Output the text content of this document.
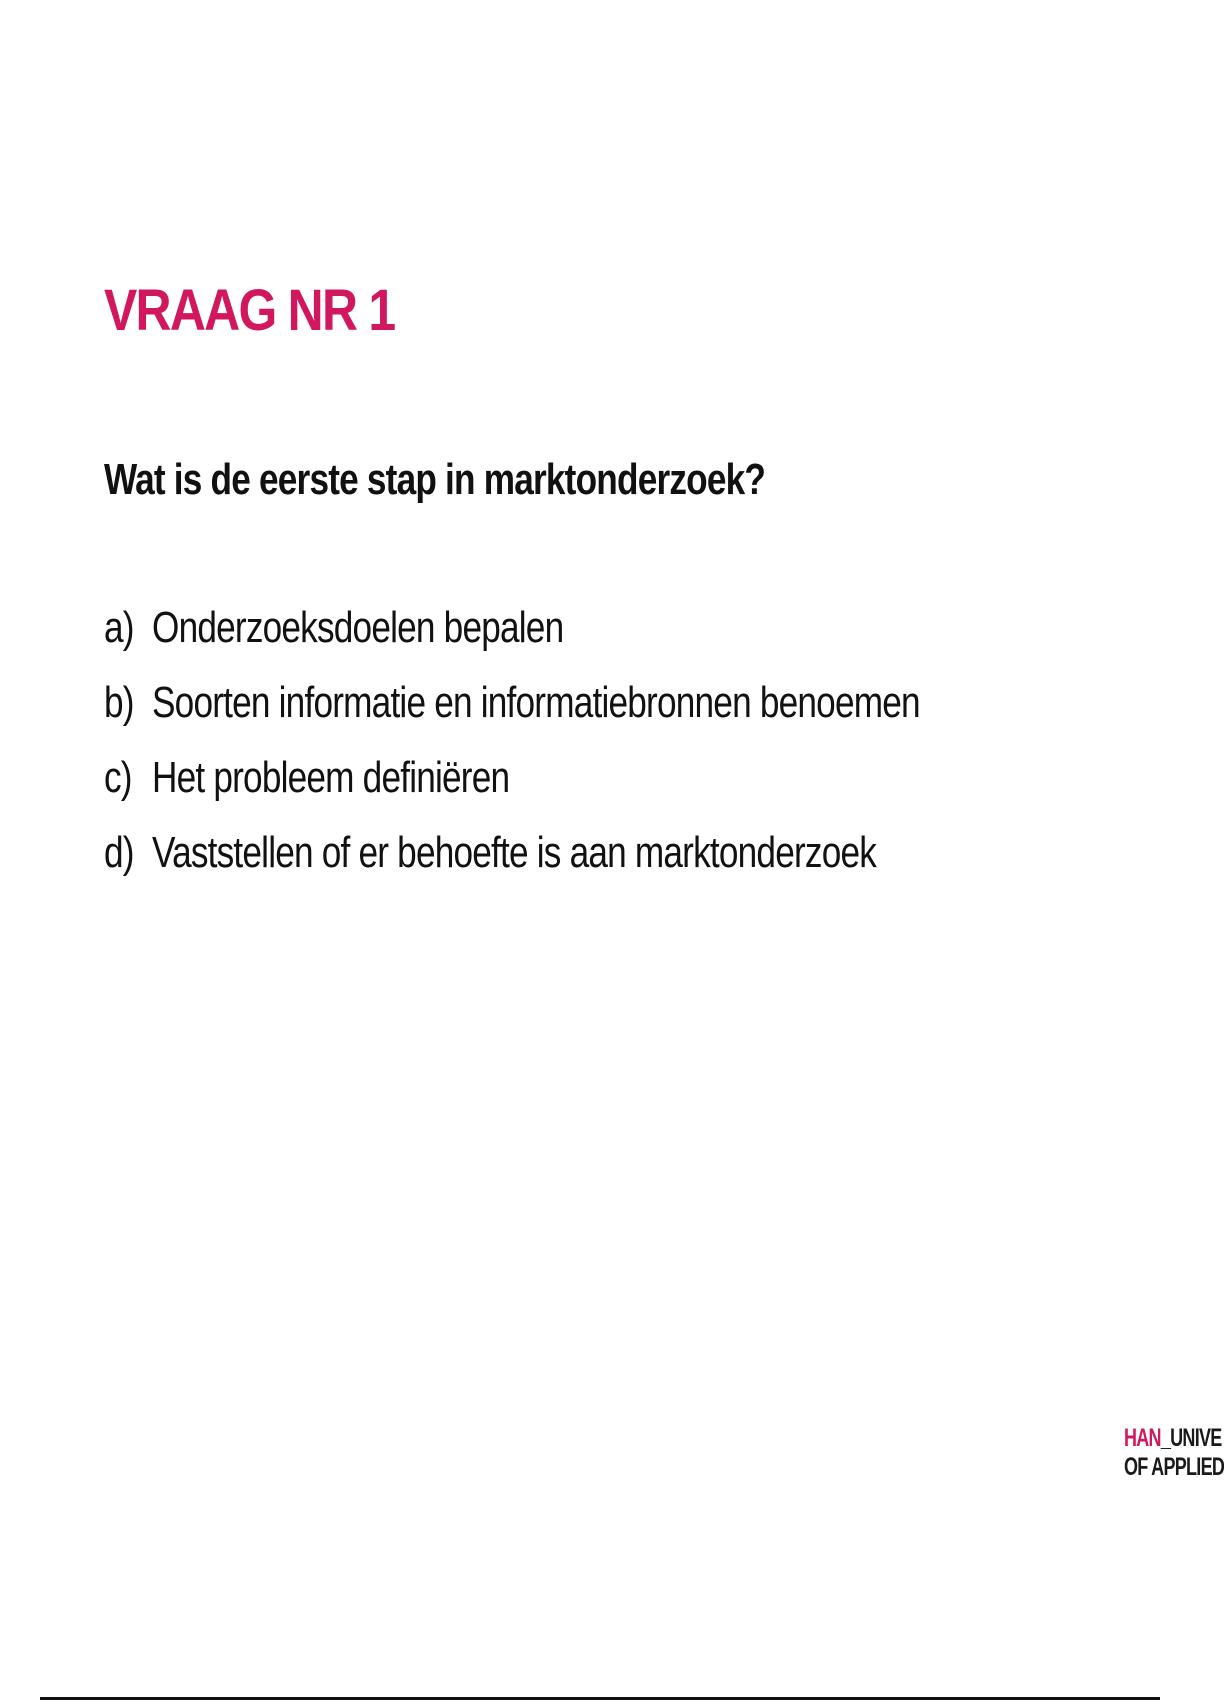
VRAAG NR 1

Wat is de eerste stap in marktonderzoek?

a) Onderzoeksdoelen bepalen
b) Soorten informatie en informatiebronnen benoemen
c) Het probleem definiëren
d) Vaststellen of er behoefte is aan marktonderzoek
HAN_UNIVE
OF APPLIED
